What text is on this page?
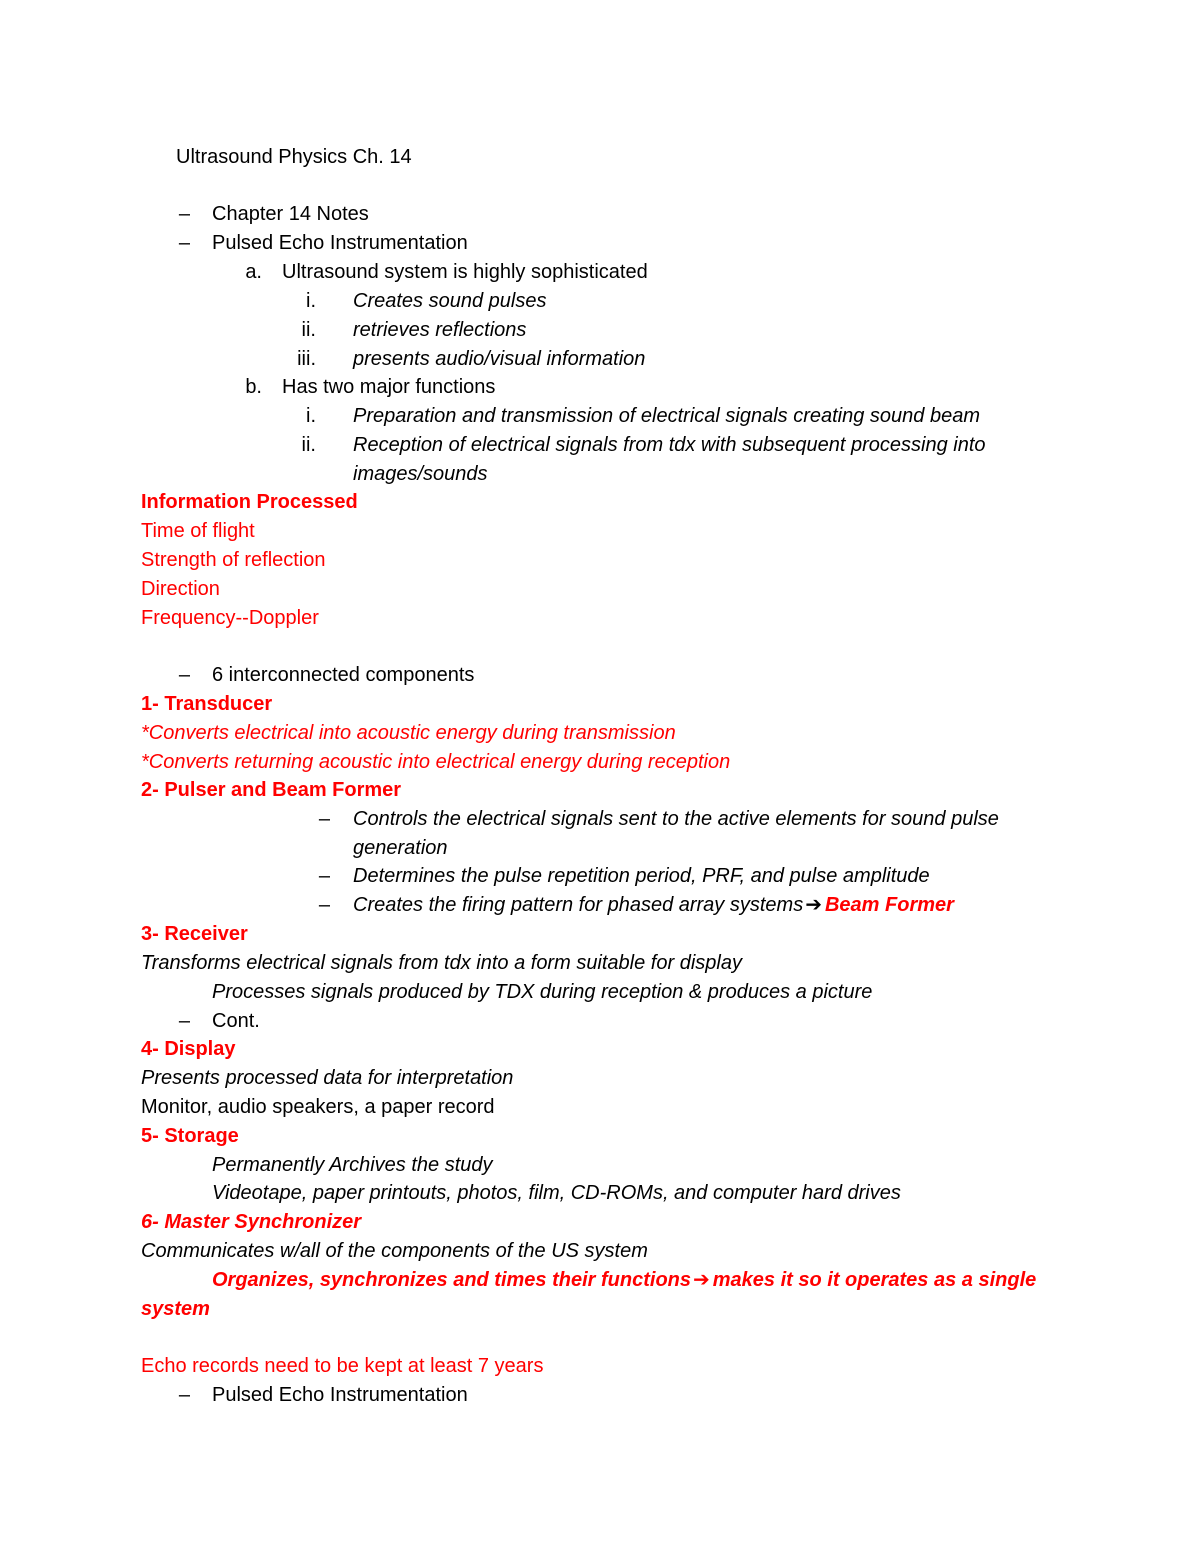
Ultrasound Physics Ch. 14
– Chapter 14 Notes
– Pulsed Echo Instrumentation
a. Ultrasound system is highly sophisticated
i. Creates sound pulses
ii. retrieves reflections
iii. presents audio/visual information
b. Has two major functions
i. Preparation and transmission of electrical signals creating sound beam
ii. Reception of electrical signals from tdx with subsequent processing into
images/sounds
Information Processed
Time of flight
Strength of reflection
Direction
Frequency--Doppler
– 6 interconnected components
1- Transducer
*Converts electrical into acoustic energy during transmission
*Converts returning acoustic into electrical energy during reception
2- Pulser and Beam Former
– Controls the electrical signals sent to the active elements for sound pulse
generation
– Determines the pulse repetition period, PRF, and pulse amplitude
– Creates the firing pattern for phased array systems ➔ Beam Former
3- Receiver
Transforms electrical signals from tdx into a form suitable for display
Processes signals produced by TDX during reception & produces a picture
– Cont.
4- Display
Presents processed data for interpretation
Monitor, audio speakers, a paper record
5- Storage
Permanently Archives the study
Videotape, paper printouts, photos, film, CD-ROMs, and computer hard drives
6- Master Synchronizer
Communicates w/all of the components of the US system
Organizes, synchronizes and times their functions ➔ makes it so it operates as a single
system
Echo records need to be kept at least 7 years
– Pulsed Echo Instrumentation
